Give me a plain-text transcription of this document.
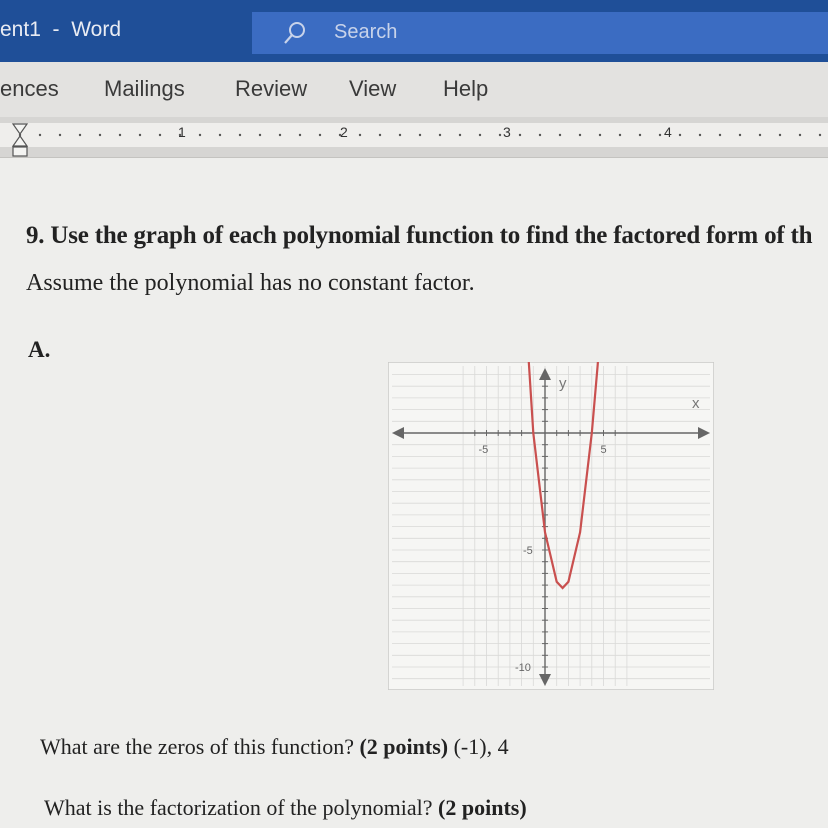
ent1  -  Word	Search
ences Mailings Review View Help
1	2	3	4
9. Use the graph of each polynomial function to find the factored form of th
Assume the polynomial has no constant factor.
A.
x
y
-5	5
-5
-10
What are the zeros of this function? (2 points) (-1), 4
What is the factorization of the polynomial? (2 points)
